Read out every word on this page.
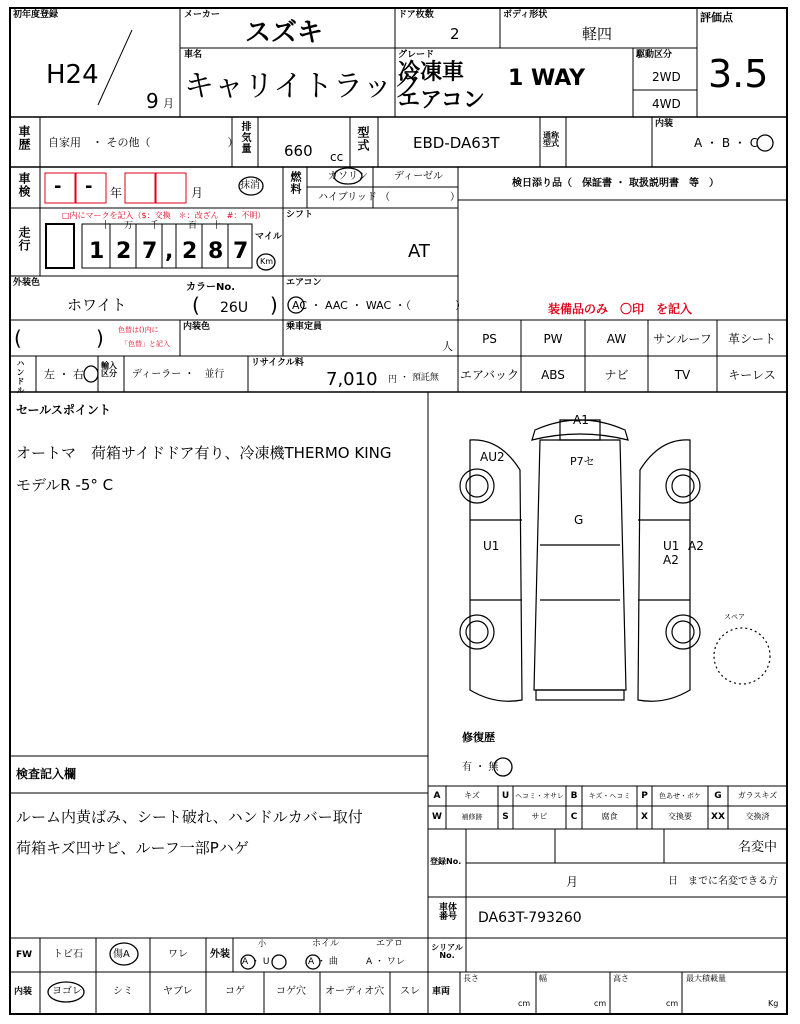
初年度登録
H24
9 月
メーカー
スズキ
ドア枚数
2
ボディ形状
軽四
評価点
3.5
車名
キャリイトラック
グレード
冷凍車 1 WAY
エアコン
駆動区分
2WD
4WD
車歴 自家用　・ その他（　　　　　　　） 排気量 660 cc
型式	EBD-DA63T	通称型式
内装
A ・ B ・ C
車検 - - 年	月
抹消	燃料	ガソリン	ディーゼル
ハイブリッド （　　　　　　）
検日添り品（　保証書 ・ 取扱説明書　等　）
走行
□内にマークを記入（$：交換　＊：改ざん　#：不明）
十 万 千	百 十 一
1 2 7 , 2 8 7
マイル
Km
シフト
AT
外装色
ホワイト
カラーNo.
( 26U )
エアコン
AC ・ AAC ・ WAC ・（　　　　）
(	) 色替は()内に
「色替」と記入
内装色	乗車定員
人
装備品のみ　〇印　を記入
PS	PW	AW	サンルーフ	革シート
エアバック	ABS	ナビ	TV	キーレス
ハンドル 左 ・ 右
輸入区分	ディーラー ・　並行
リサイクル料
7,010 円 ・ 預託無
セールスポイント
オートマ　荷箱サイドドア有り、冷凍機THERMO KING
モデルR -5° C
A1
AU2	P7セ
G
U1	U1 A2
A2
スペア
修復歴
有 ・ 無
A	キズ	U ヘコミ・オサレ B	キズ・ヘコミ	P	色あせ・ボケ	G	ガラスキズ
W	補修跡	S	サビ	C	腐食	X	交換要	XX	交換済
検査記入欄
ルーム内黄ばみ、シート破れ、ハンドルカバー取付
荷箱キズ凹サビ、ルーフ一部Pハゲ
登録No.
名変中
月	日　までに名変できる方
車体番号 DA63T-793260
FW トビ石	傷A	ワレ 外装
小	ホイル	エアロ
A ・ U	A ・ 曲	A ・ ワレ
シリアルNo.
内装 ヨゴレ	シミ	ヤブレ	コゲ	コゲ穴 オーディオ穴 スレ 車両
長さ
cm
幅
cm
高さ
cm
最大積載量
Kg
